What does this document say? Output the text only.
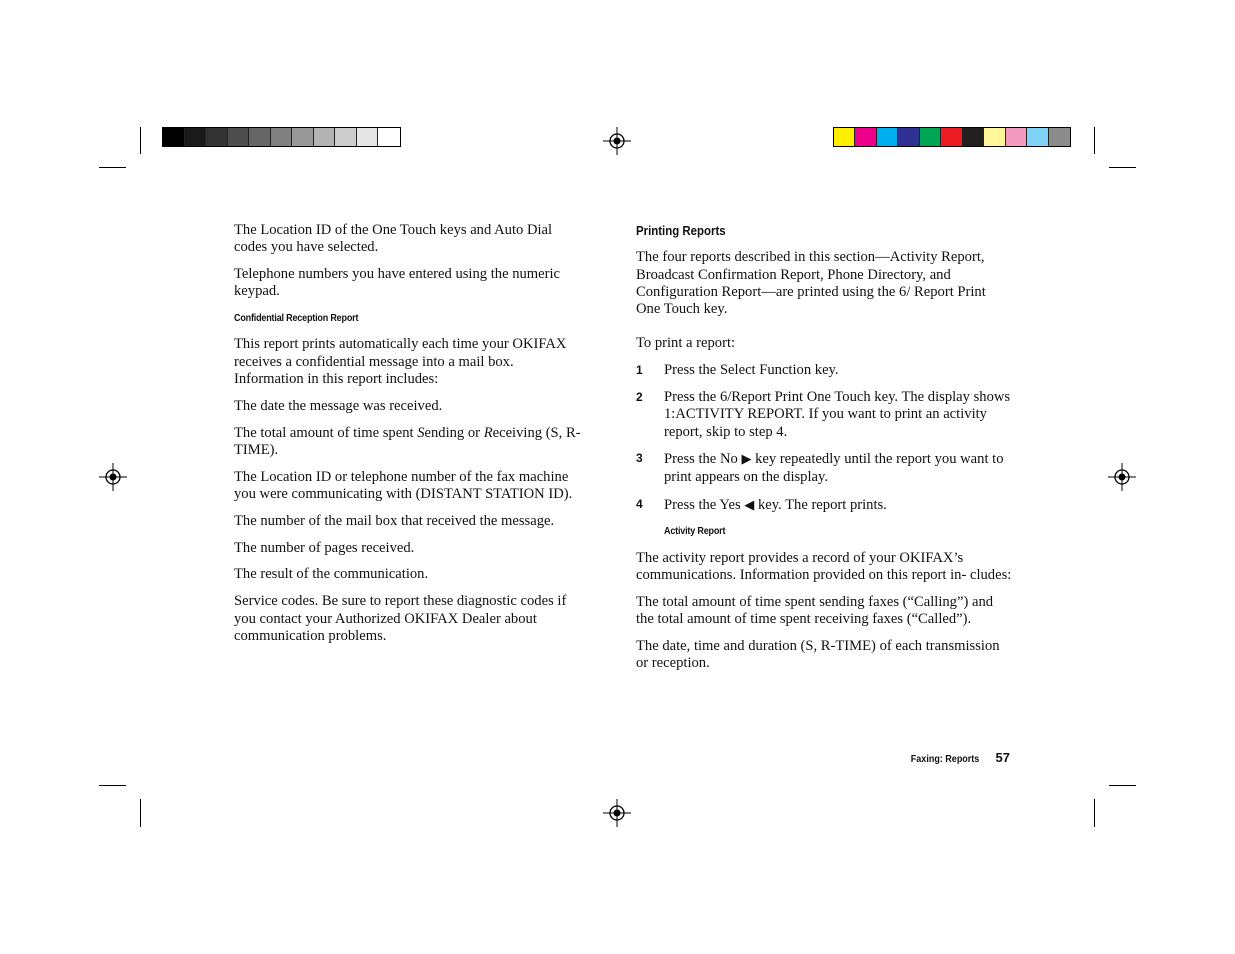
The Location ID of the One Touch keys and Auto Dial codes you have selected.

Telephone numbers you have entered using the numeric keypad.

Confidential Reception Report

This report prints automatically each time your OKIFAX receives a confidential message into a mail box. Information in this report includes:

The date the message was received.

The total amount of time spent Sending or Receiving (S, R-TIME).

The Location ID or telephone number of the fax machine you were communicating with (DISTANT STATION ID).

The number of the mail box that received the message.

The number of pages received.

The result of the communication.

Service codes. Be sure to report these diagnostic codes if you contact your Authorized OKIFAX Dealer about communication problems.

Printing Reports

The four reports described in this section—Activity Report, Broadcast Confirmation Report, Phone Directory, and Configuration Report—are printed using the 6/ Report Print One Touch key.

To print a report:

1 Press the Select Function key.

2 Press the 6/Report Print One Touch key. The display shows 1:ACTIVITY REPORT. If you want to print an activity report, skip to step 4.

3 Press the No ▶ key repeatedly until the report you want to print appears on the display.

4 Press the Yes ◀ key. The report prints.

Activity Report

The activity report provides a record of your OKIFAX’s communications. Information provided on this report in- cludes:

The total amount of time spent sending faxes (“Calling”) and the total amount of time spent receiving faxes (“Called”).

The date, time and duration (S, R-TIME) of each transmission or reception.

Faxing: Reports 57
